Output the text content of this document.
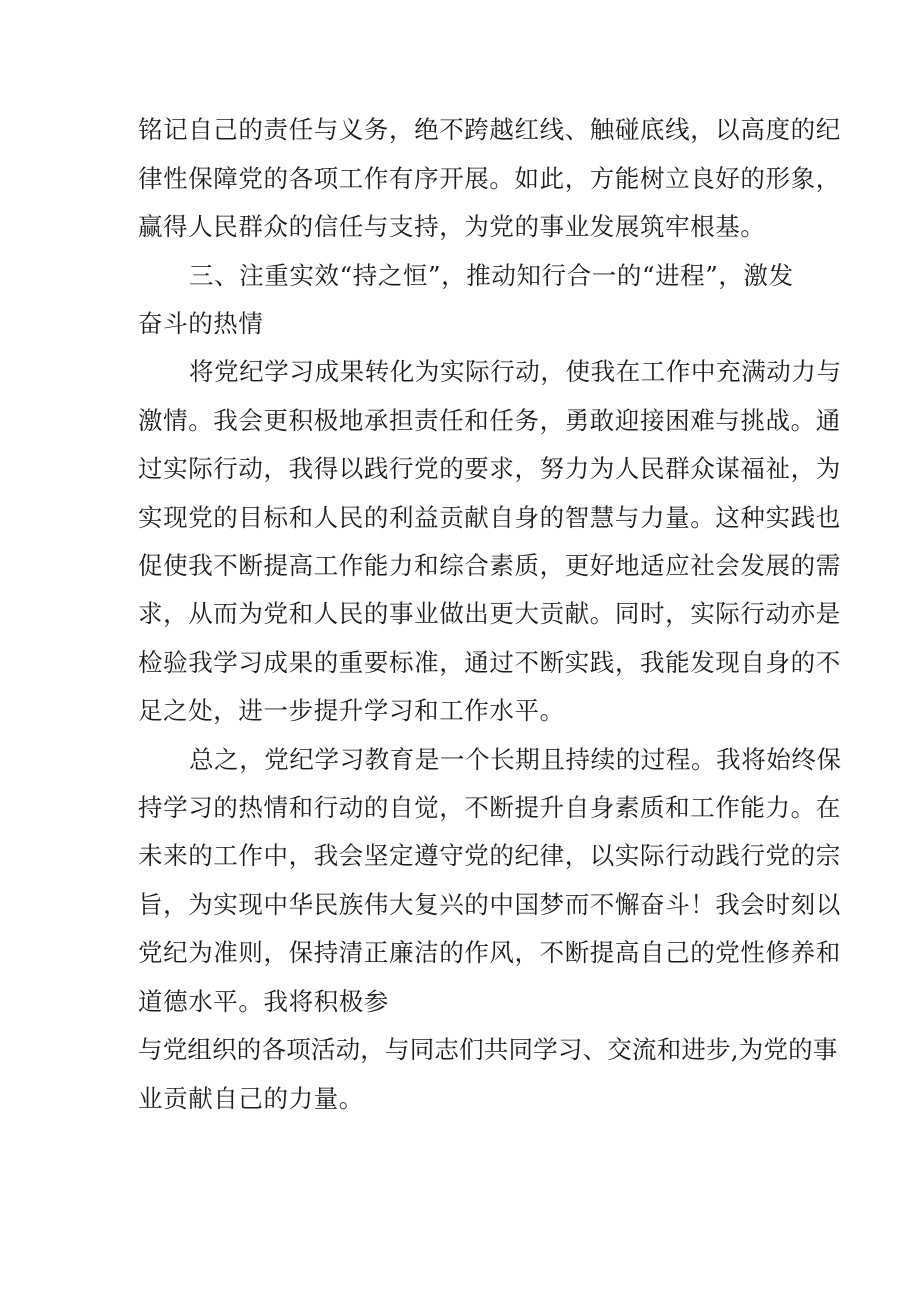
铭记自己的责任与义务，绝不跨越红线、触碰底线，以高度的纪
律性保障党的各项工作有序开展。如此，方能树立良好的形象，
赢得人民群众的信任与支持，为党的事业发展筑牢根基。
三、注重实效“持之恒”，推动知行合一的“进程”，激发
奋斗的热情
将党纪学习成果转化为实际行动，使我在工作中充满动力与
激情。我会更积极地承担责任和任务，勇敢迎接困难与挑战。通
过实际行动，我得以践行党的要求，努力为人民群众谋福祉，为
实现党的目标和人民的利益贡献自身的智慧与力量。这种实践也
促使我不断提高工作能力和综合素质，更好地适应社会发展的需
求，从而为党和人民的事业做出更大贡献。同时，实际行动亦是
检验我学习成果的重要标准，通过不断实践，我能发现自身的不
足之处，进一步提升学习和工作水平。
总之，党纪学习教育是一个长期且持续的过程。我将始终保
持学习的热情和行动的自觉，不断提升自身素质和工作能力。在
未来的工作中，我会坚定遵守党的纪律，以实际行动践行党的宗
旨，为实现中华民族伟大复兴的中国梦而不懈奋斗！我会时刻以
党纪为准则，保持清正廉洁的作风，不断提高自己的党性修养和
道德水平。我将积极参
与党组织的各项活动，与同志们共同学习、交流和进步,为党的事
业贡献自己的力量。
